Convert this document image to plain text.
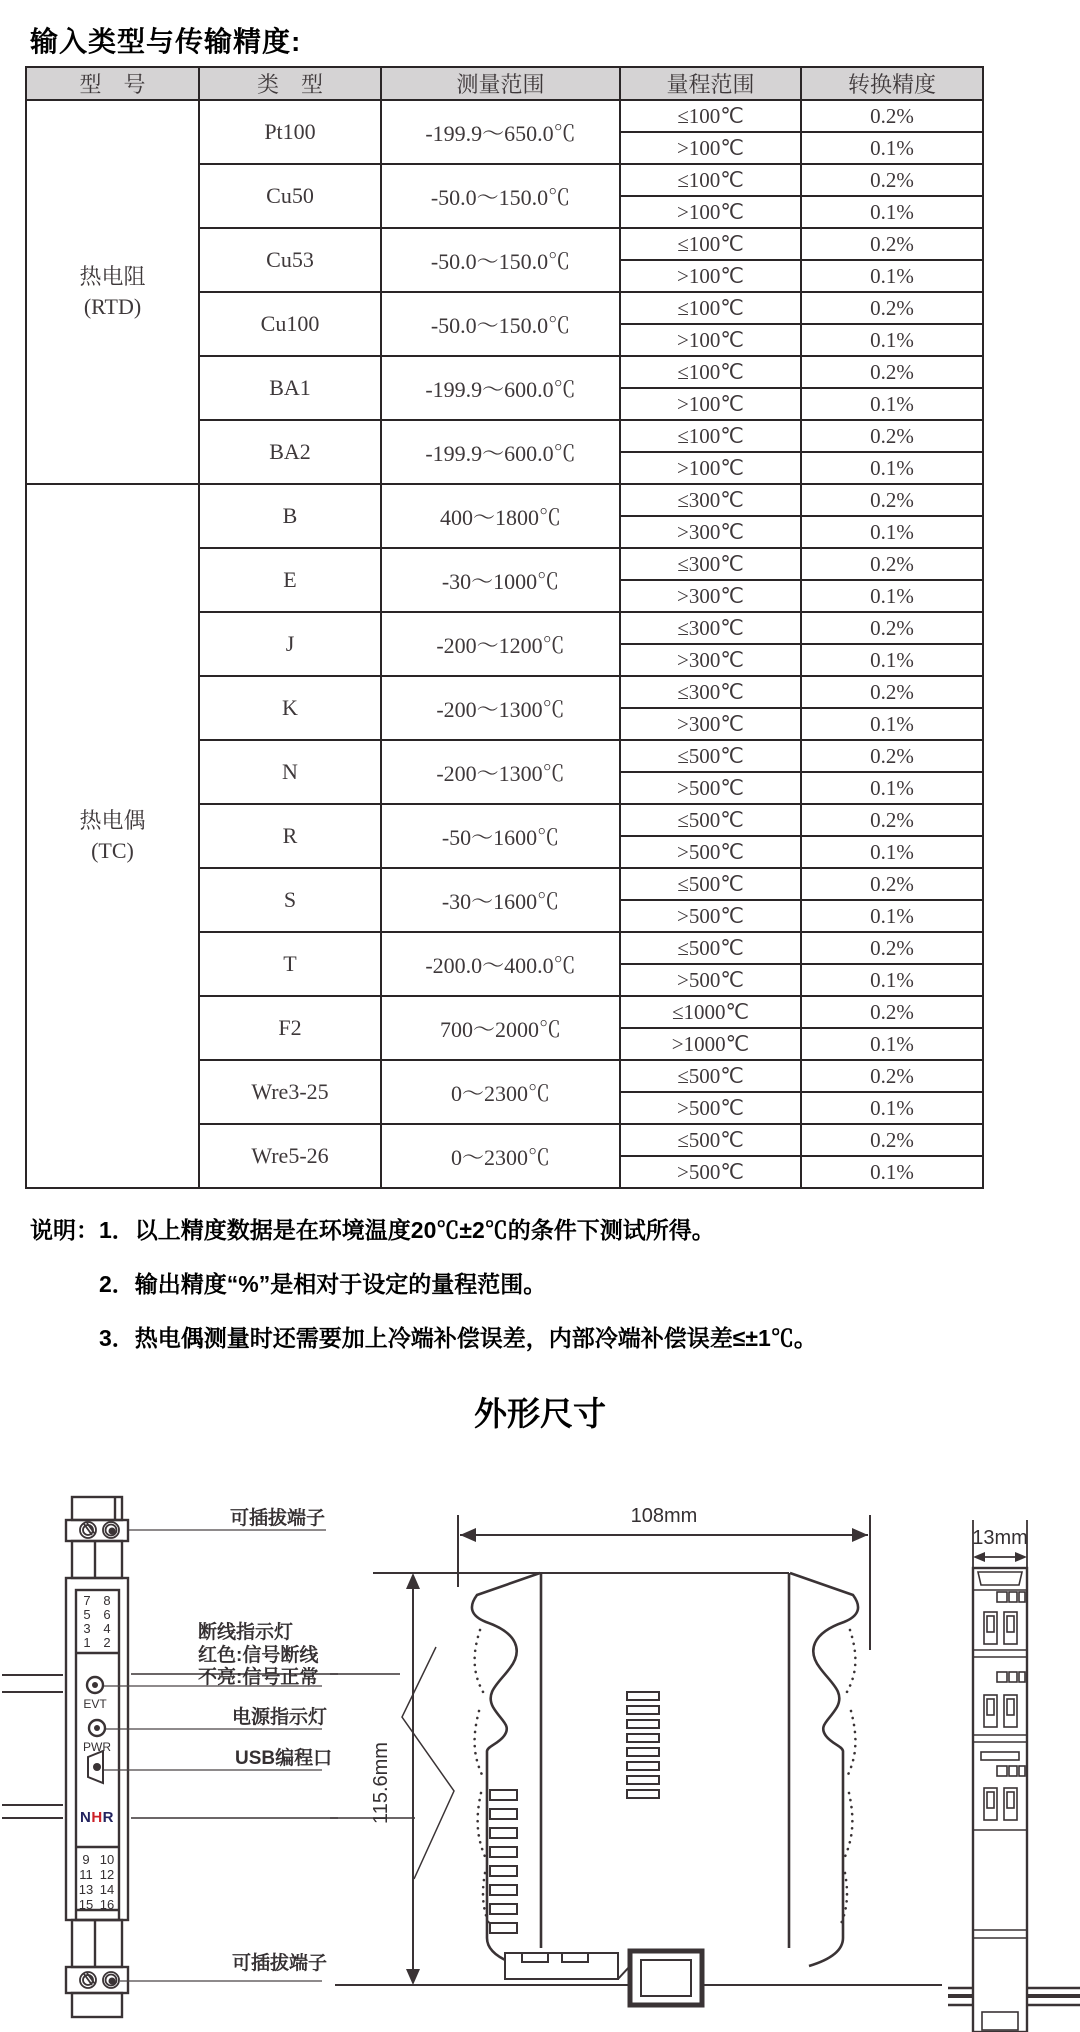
输入类型与传输精度:
型　号	类　型	测量范围	量程范围	转换精度

热电阻
(RTD)	Pt100	-199.9～650.0℃	≤100℃	0.2%
			>100℃	0.1%
	Cu50	-50.0～150.0℃	≤100℃	0.2%
			>100℃	0.1%
	Cu53	-50.0～150.0℃	≤100℃	0.2%
			>100℃	0.1%
	Cu100	-50.0～150.0℃	≤100℃	0.2%
			>100℃	0.1%
	BA1	-199.9～600.0℃	≤100℃	0.2%
			>100℃	0.1%
	BA2	-199.9～600.0℃	≤100℃	0.2%
			>100℃	0.1%

热电偶
(TC)	B	400～1800℃	≤300℃	0.2%
			>300℃	0.1%
	E	-30～1000℃	≤300℃	0.2%
			>300℃	0.1%
	J	-200～1200℃	≤300℃	0.2%
			>300℃	0.1%
	K	-200～1300℃	≤300℃	0.2%
			>300℃	0.1%
	N	-200～1300℃	≤500℃	0.2%
			>500℃	0.1%
	R	-50～1600℃	≤500℃	0.2%
			>500℃	0.1%
	S	-30～1600℃	≤500℃	0.2%
			>500℃	0.1%
	T	-200.0～400.0℃	≤500℃	0.2%
			>500℃	0.1%
	F2	700～2000℃	≤1000℃	0.2%
			>1000℃	0.1%
	Wre3-25	0～2300℃	≤500℃	0.2%
			>500℃	0.1%
	Wre5-26	0～2300℃	≤500℃	0.2%
			>500℃	0.1%
说明： 1．以上精度数据是在环境温度20℃±2℃的条件下测试所得。
2．输出精度“%”是相对于设定的量程范围。
3．热电偶测量时还需要加上冷端补偿误差，内部冷端补偿误差≤±1℃。
外形尺寸
7 8
5 6
3 4
1 2
EVT
PWR
NHR
9 10
11 12
13 14
15 16
可插拔端子
断线指示灯
红色:信号断线
不亮:信号正常
电源指示灯
USB编程口
可插拔端子
108mm
115.6mm
13mm
